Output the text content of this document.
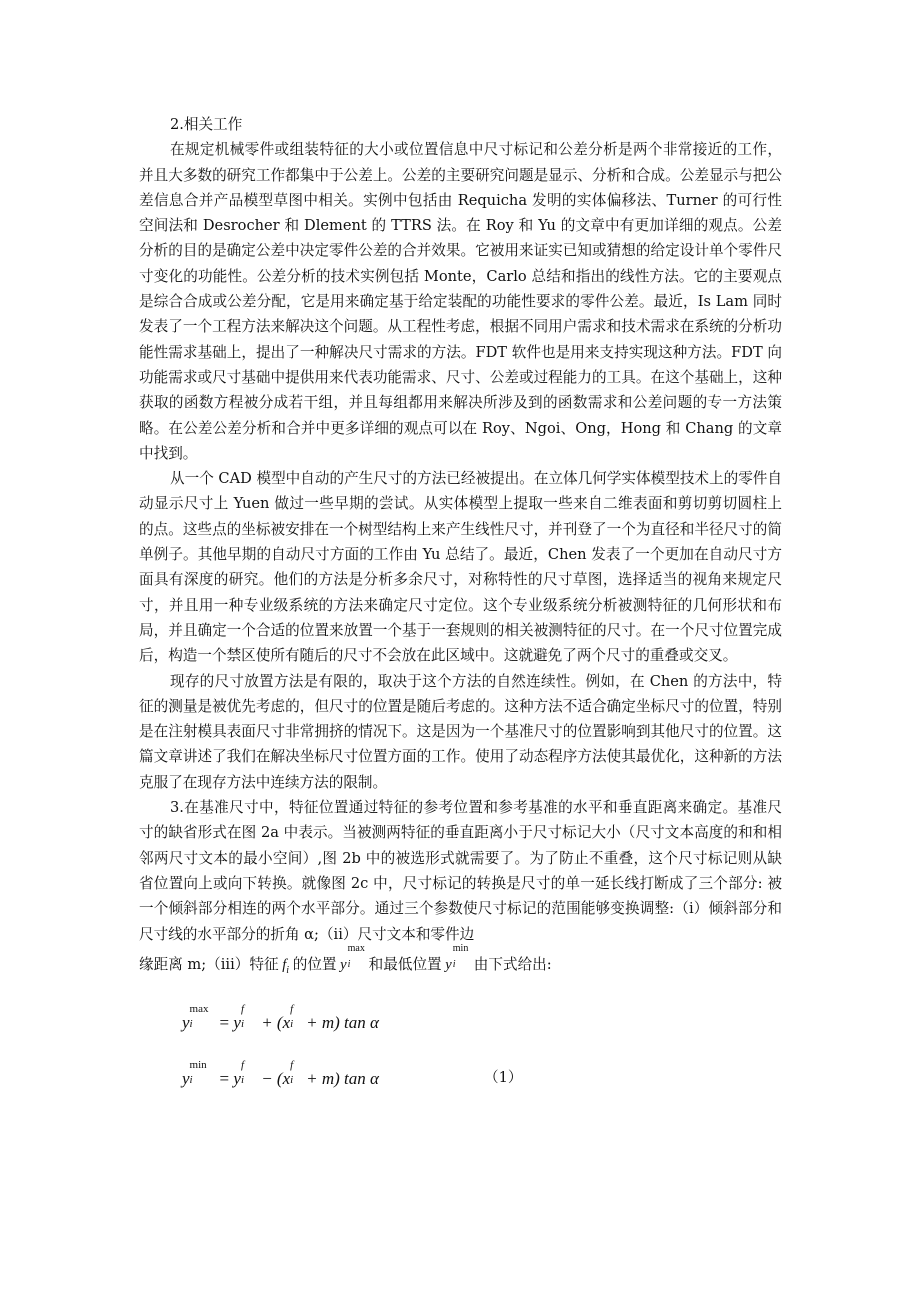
2.相关工作

在规定机械零件或组装特征的大小或位置信息中尺寸标记和公差分析是两个非常接近的工作，并且大多数的研究工作都集中于公差上。公差的主要研究问题是显示、分析和合成。公差显示与把公差信息合并产品模型草图中相关。实例中包括由 Requicha 发明的实体偏移法、Turner 的可行性空间法和 Desrocher 和 Dlement 的 TTRS 法。在 Roy 和 Yu 的文章中有更加详细的观点。公差分析的目的是确定公差中决定零件公差的合并效果。它被用来证实已知或猜想的给定设计单个零件尺寸变化的功能性。公差分析的技术实例包括 Monte，Carlo 总结和指出的线性方法。它的主要观点是综合合成或公差分配，它是用来确定基于给定装配的功能性要求的零件公差。最近，Is Lam 同时发表了一个工程方法来解决这个问题。从工程性考虑，根据不同用户需求和技术需求在系统的分析功能性需求基础上，提出了一种解决尺寸需求的方法。FDT 软件也是用来支持实现这种方法。FDT 向功能需求或尺寸基础中提供用来代表功能需求、尺寸、公差或过程能力的工具。在这个基础上，这种获取的函数方程被分成若干组，并且每组都用来解决所涉及到的函数需求和公差问题的专一方法策略。在公差公差分析和合并中更多详细的观点可以在 Roy、Ngoi、Ong，Hong 和 Chang 的文章中找到。

从一个 CAD 模型中自动的产生尺寸的方法已经被提出。在立体几何学实体模型技术上的零件自动显示尺寸上 Yuen 做过一些早期的尝试。从实体模型上提取一些来自二维表面和剪切剪切圆柱上的点。这些点的坐标被安排在一个树型结构上来产生线性尺寸，并刊登了一个为直径和半径尺寸的简单例子。其他早期的自动尺寸方面的工作由 Yu 总结了。最近，Chen 发表了一个更加在自动尺寸方面具有深度的研究。他们的方法是分析多余尺寸，对称特性的尺寸草图，选择适当的视角来规定尺寸，并且用一种专业级系统的方法来确定尺寸定位。这个专业级系统分析被测特征的几何形状和布局，并且确定一个合适的位置来放置一个基于一套规则的相关被测特征的尺寸。在一个尺寸位置完成后，构造一个禁区使所有随后的尺寸不会放在此区域中。这就避免了两个尺寸的重叠或交叉。

现存的尺寸放置方法是有限的，取决于这个方法的自然连续性。例如，在 Chen 的方法中，特征的测量是被优先考虑的，但尺寸的位置是随后考虑的。这种方法不适合确定坐标尺寸的位置，特别是在注射模具表面尺寸非常拥挤的情况下。这是因为一个基准尺寸的位置影响到其他尺寸的位置。这篇文章讲述了我们在解决坐标尺寸位置方面的工作。使用了动态程序方法使其最优化，这种新的方法克服了在现存方法中连续方法的限制。

3.在基准尺寸中，特征位置通过特征的参考位置和参考基准的水平和垂直距离来确定。基准尺寸的缺省形式在图 2a 中表示。当被测两特征的垂直距离小于尺寸标记大小（尺寸文本高度的和和相邻两尺寸文本的最小空间）,图 2b 中的被选形式就需要了。为了防止不重叠，这个尺寸标记则从缺省位置向上或向下转换。就像图 2c 中，尺寸标记的转换是尺寸的单一延长线打断成了三个部分: 被一个倾斜部分相连的两个水平部分。通过三个参数使尺寸标记的范围能够变换调整:（i）倾斜部分和尺寸线的水平部分的折角 α;（ii）尺寸文本和零件边

缘距离 m;（iii）特征 $f_i$ 的位置 y
max
i 和最低位置 y
min
i 由下式给出:

y
max
i = y
f
i + (x
f
i + m) tan α
y
min
i = y
f
i − (x
f
i + m) tan α	（1）
